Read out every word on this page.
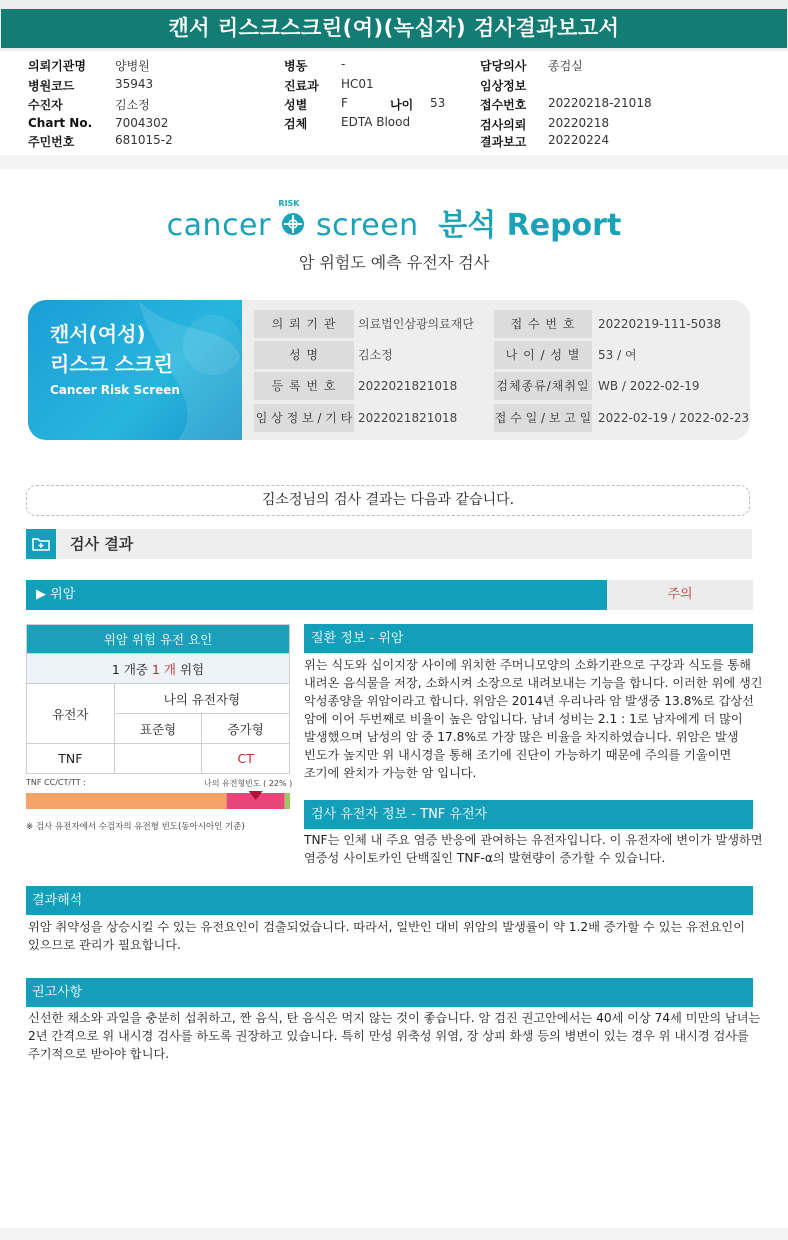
캔서 리스크스크린(여)(녹십자) 검사결과보고서
의뢰기관명 양병원
병원코드	35943
수진자	김소정
Chart No. 7004302
주민번호	681015-2
병동	-
진료과 HC01
성별	F	나이 53
검체	EDTA Blood
담당의사 종검실
임상정보
접수번호 20220218-21018
검사의뢰 20220218
결과보고 20220224
cancer
RISK
screen 분석 Report
암 위험도 예측 유전자 검사
캔서(여성)
리스크 스크린
Cancer Risk Screen
의 뢰 기 관	의료법인삼광의료재단	접 수 번 호	20220219-111-5038
성 명	김소정	나 이 / 성 별	53 / 여
등 록 번 호	2022021821018	검체종류/채취일 WB / 2022-02-19
임 상 정 보 / 기 타 2022021821018	접 수 일 / 보 고 일 2022-02-19 / 2022-02-23
김소정님의 검사 결과는 다음과 같습니다.
검사 결과
▶ 위암	주의
위암 위험 유전 요인		
1 개중 1 개 위험		
유전자	나의 유전자형	
	표준형	증가형
TNF		CT
TNF CC/CT/TT :	나의 유전형빈도 ( 22% )
※ 검사 유전자에서 수검자의 유전형 빈도(동아시아인 기준)
질환 정보 - 위암
위는 식도와 십이지장 사이에 위치한 주머니모양의 소화기관으로 구강과 식도를 통해
내려온 음식물을 저장, 소화시켜 소장으로 내려보내는 기능을 합니다. 이러한 위에 생긴
악성종양을 위암이라고 합니다. 위암은 2014년 우리나라 암 발생중 13.8%로 갑상선
암에 이어 두번째로 비율이 높은 암입니다. 남녀 성비는 2.1 : 1로 남자에게 더 많이
발생했으며 남성의 암 중 17.8%로 가장 많은 비율을 차지하였습니다. 위암은 발생
빈도가 높지만 위 내시경을 통해 조기에 진단이 가능하기 때문에 주의를 기울이면
조기에 완치가 가능한 암 입니다.
검사 유전자 정보 - TNF 유전자
TNF는 인체 내 주요 염증 반응에 관여하는 유전자입니다. 이 유전자에 변이가 발생하면
염증성 사이토카인 단백질인 TNF-α의 발현량이 증가할 수 있습니다.
결과해석
위암 취약성을 상승시킬 수 있는 유전요인이 검출되었습니다. 따라서, 일반인 대비 위암의 발생률이 약 1.2배 증가할 수 있는 유전요인이
있으므로 관리가 필요합니다.
권고사항
신선한 채소와 과일을 충분히 섭취하고, 짠 음식, 탄 음식은 먹지 않는 것이 좋습니다. 암 검진 권고안에서는 40세 이상 74세 미만의 남녀는
2년 간격으로 위 내시경 검사를 하도록 권장하고 있습니다. 특히 만성 위축성 위염, 장 상피 화생 등의 병변이 있는 경우 위 내시경 검사를
주기적으로 받아야 합니다.
